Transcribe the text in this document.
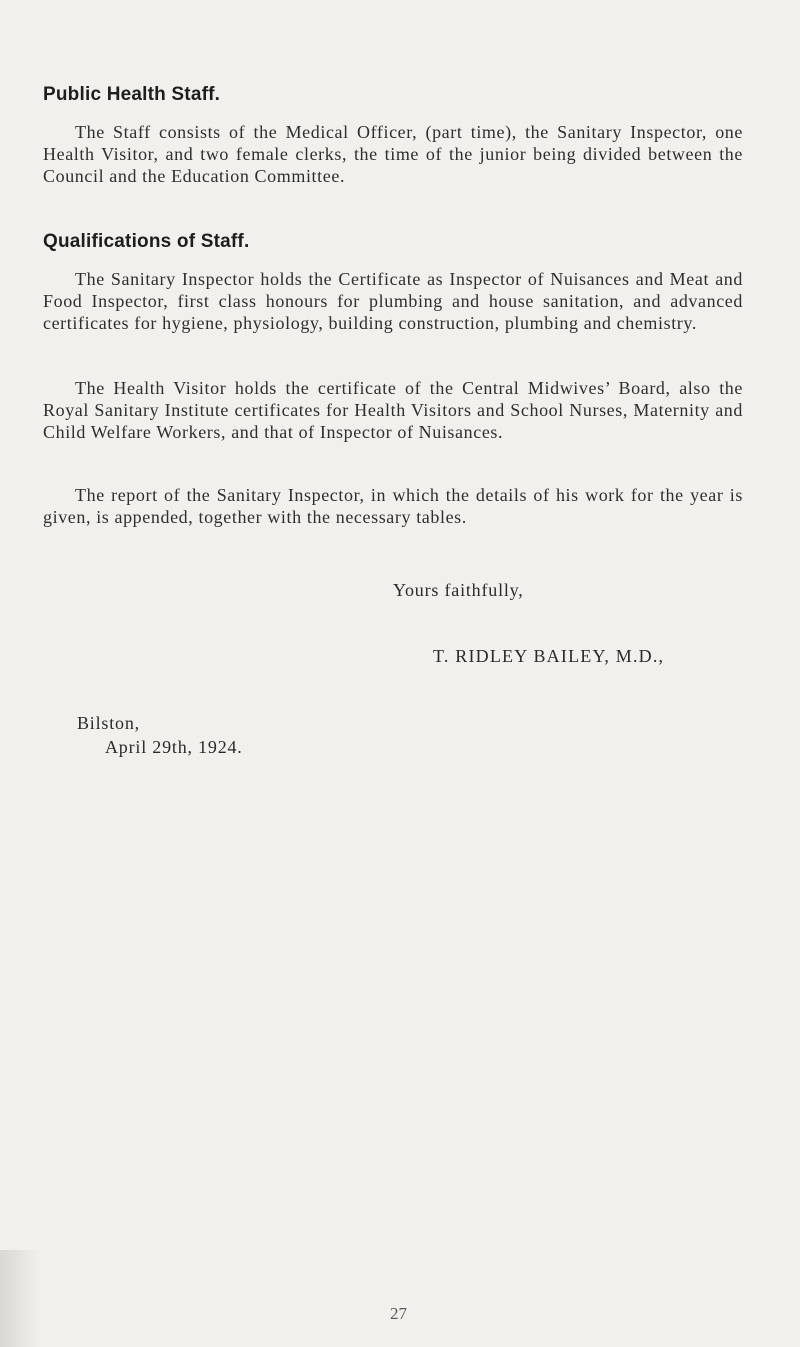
Public Health Staff.

The Staff consists of the Medical Officer, (part time), the Sanitary Inspector, one Health Visitor, and two female clerks, the time of the junior being divided between the Council and the Education Committee.

Qualifications of Staff.

The Sanitary Inspector holds the Certificate as Inspector of Nuisances and Meat and Food Inspector, first class honours for plumbing and house sanitation, and advanced certificates for hygiene, physiology, building construction, plumbing and chemistry.

The Health Visitor holds the certificate of the Central Midwives’ Board, also the Royal Sanitary Institute certificates for Health Visitors and School Nurses, Maternity and Child Welfare Workers, and that of Inspector of Nuisances.

The report of the Sanitary Inspector, in which the details of his work for the year is given, is appended, together with the necessary tables.

Yours faithfully,

T. RIDLEY BAILEY, M.D.,

Bilston,

April 29th, 1924.

27
